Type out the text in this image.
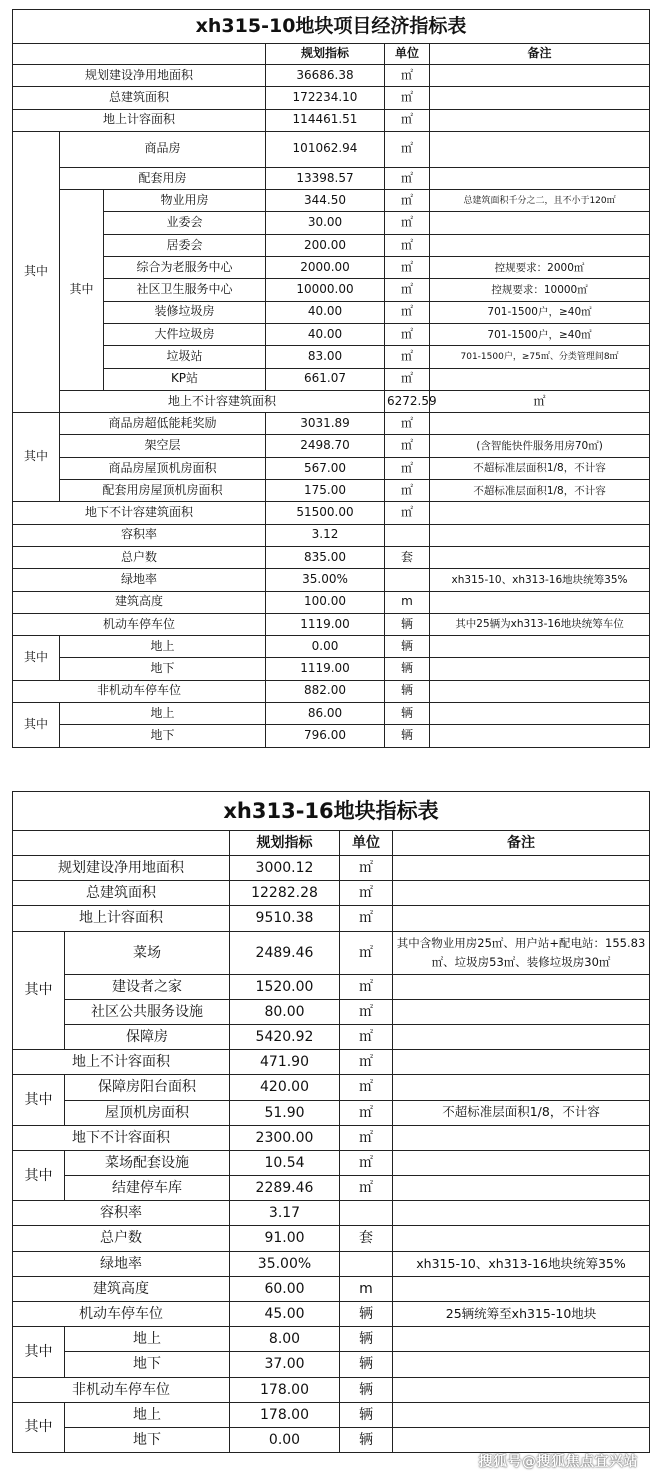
xh315-10地块项目经济指标表						
			规划指标	单位	备注	
规划建设净用地面积			36686.38	㎡		
总建筑面积			172234.10	㎡		
地上计容面积			114461.51	㎡		
其中	商品房		101062.94	㎡		
	配套用房		13398.57	㎡		
	其中	物业用房	344.50	㎡	总建筑面积千分之二，且不小于120㎡	
		业委会	30.00	㎡		
		居委会	200.00	㎡		
		综合为老服务中心	2000.00	㎡	控规要求：2000㎡	
		社区卫生服务中心	10000.00	㎡	控规要求：10000㎡	
		装修垃圾房	40.00	㎡	701-1500户，≥40㎡	
		大件垃圾房	40.00	㎡	701-1500户，≥40㎡	
		垃圾站	83.00	㎡	701-1500户，≥75㎡、分类管理间8㎡	
		KP站	661.07	㎡		
	地上不计容建筑面积			6272.59	㎡	
其中	商品房超低能耗奖励		3031.89	㎡		
	架空层		2498.70	㎡	(含智能快件服务用房70㎡)	
	商品房屋顶机房面积		567.00	㎡	不超标准层面积1/8，不计容	
	配套用房屋顶机房面积		175.00	㎡	不超标准层面积1/8，不计容	
地下不计容建筑面积			51500.00	㎡		
容积率			3.12			
总户数			835.00	套		
绿地率			35.00%		xh315-10、xh313-16地块统筹35%	
建筑高度			100.00	m		
机动车停车位			1119.00	辆	其中25辆为xh313-16地块统筹车位	
其中	地上		0.00	辆		
	地下		1119.00	辆		
非机动车停车位			882.00	辆		
其中	地上		86.00	辆		
	地下		796.00	辆		
xh313-16地块指标表				
		规划指标	单位	备注
规划建设净用地面积		3000.12	㎡	
总建筑面积		12282.28	㎡	
地上计容面积		9510.38	㎡	
其中	菜场	2489.46	㎡	其中含物业用房25㎡、用户站+配电站：155.83㎡、垃圾房53㎡、装修垃圾房30㎡
	建设者之家	1520.00	㎡	
	社区公共服务设施	80.00	㎡	
	保障房	5420.92	㎡	
地上不计容面积		471.90	㎡	
其中	保障房阳台面积	420.00	㎡	
	屋顶机房面积	51.90	㎡	不超标准层面积1/8，不计容
地下不计容面积		2300.00	㎡	
其中	菜场配套设施	10.54	㎡	
	结建停车库	2289.46	㎡	
容积率		3.17		
总户数		91.00	套	
绿地率		35.00%		xh315-10、xh313-16地块统筹35%
建筑高度		60.00	m	
机动车停车位		45.00	辆	25辆统筹至xh315-10地块
其中	地上	8.00	辆	
	地下	37.00	辆	
非机动车停车位		178.00	辆	
其中	地上	178.00	辆	
	地下	0.00	辆	
搜狐号@搜狐焦点宜兴站
